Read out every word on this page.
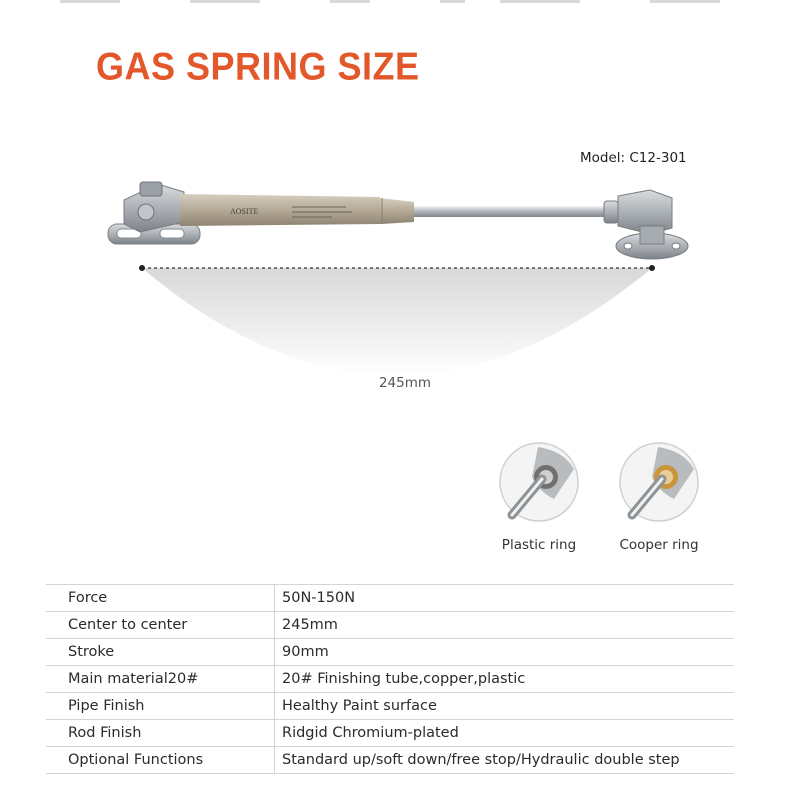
GAS SPRING SIZE
Model: C12-301
AOSITE
245mm
Plastic ring	Cooper ring
Force	50N-150N
Center to center	245mm
Stroke	90mm
Main material20#	20# Finishing tube,copper,plastic
Pipe Finish	Healthy Paint surface
Rod Finish	Ridgid Chromium-plated
Optional Functions	Standard up/soft down/free stop/Hydraulic double step
